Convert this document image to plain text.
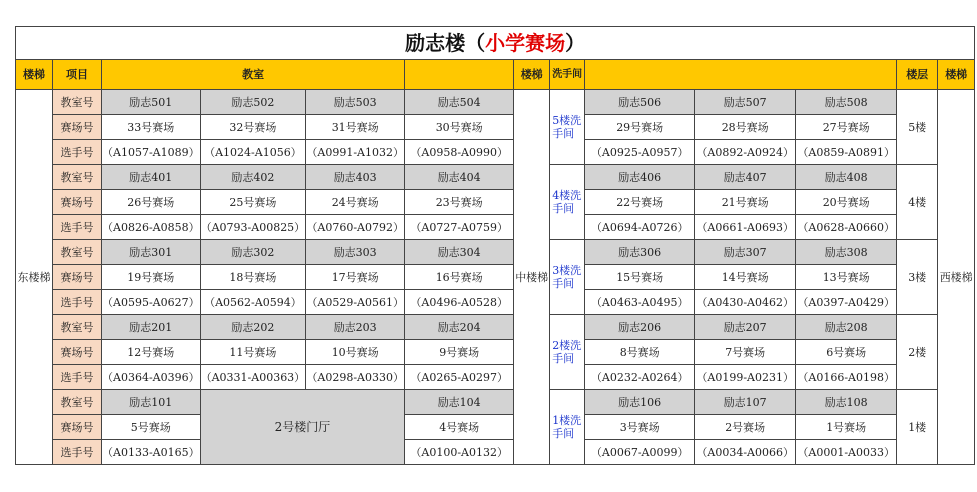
励志楼（小学赛场）												
楼梯	项目	教室				楼梯	洗手间				楼层	楼梯
东楼梯	教室号	励志501	励志502	励志503	励志504	中楼梯	5楼洗手间	励志506	励志507	励志508	5楼	西楼梯
	赛场号	33号赛场	32号赛场	31号赛场	30号赛场			29号赛场	28号赛场	27号赛场		
	选手号	（A1057-A1089）	（A1024-A1056）	（A0991-A1032）	（A0958-A0990）			（A0925-A0957）	（A0892-A0924）	（A0859-A0891）		
	教室号	励志401	励志402	励志403	励志404		4楼洗手间	励志406	励志407	励志408	4楼	
	赛场号	26号赛场	25号赛场	24号赛场	23号赛场			22号赛场	21号赛场	20号赛场		
	选手号	（A0826-A0858）	（A0793-A00825）	（A0760-A0792）	（A0727-A0759）			（A0694-A0726）	（A0661-A0693）	（A0628-A0660）		
	教室号	励志301	励志302	励志303	励志304		3楼洗手间	励志306	励志307	励志308	3楼	
	赛场号	19号赛场	18号赛场	17号赛场	16号赛场			15号赛场	14号赛场	13号赛场		
	选手号	（A0595-A0627）	（A0562-A0594）	（A0529-A0561）	（A0496-A0528）			（A0463-A0495）	（A0430-A0462）	（A0397-A0429）		
	教室号	励志201	励志202	励志203	励志204		2楼洗手间	励志206	励志207	励志208	2楼	
	赛场号	12号赛场	11号赛场	10号赛场	9号赛场			8号赛场	7号赛场	6号赛场		
	选手号	（A0364-A0396）	（A0331-A00363）	（A0298-A0330）	（A0265-A0297）			（A0232-A0264）	（A0199-A0231）	（A0166-A0198）		
	教室号	励志101	2号楼门厅		励志104		1楼洗手间	励志106	励志107	励志108	1楼	
	赛场号	5号赛场			4号赛场			3号赛场	2号赛场	1号赛场		
	选手号	（A0133-A0165）			（A0100-A0132）			（A0067-A0099）	（A0034-A0066）	（A0001-A0033）		
